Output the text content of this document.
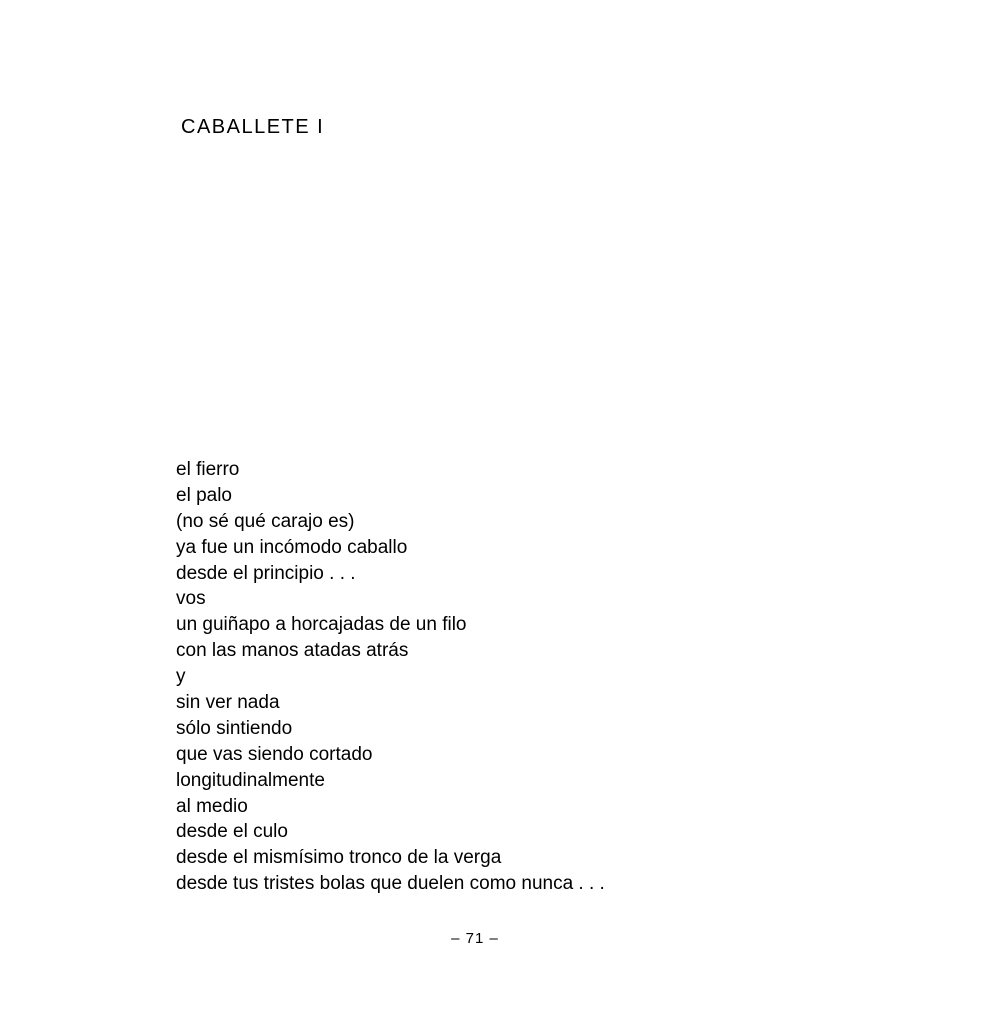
CABALLETE I
el fierro
el palo
(no sé qué carajo es)
ya fue un incómodo caballo
desde el principio . . .
vos
un guiñapo a horcajadas de un filo
con las manos atadas atrás
y
sin ver nada
sólo sintiendo
que vas siendo cortado
longitudinalmente
al medio
desde el culo
desde el mismísimo tronco de la verga
desde tus tristes bolas que duelen como nunca . . .
– 71 –
